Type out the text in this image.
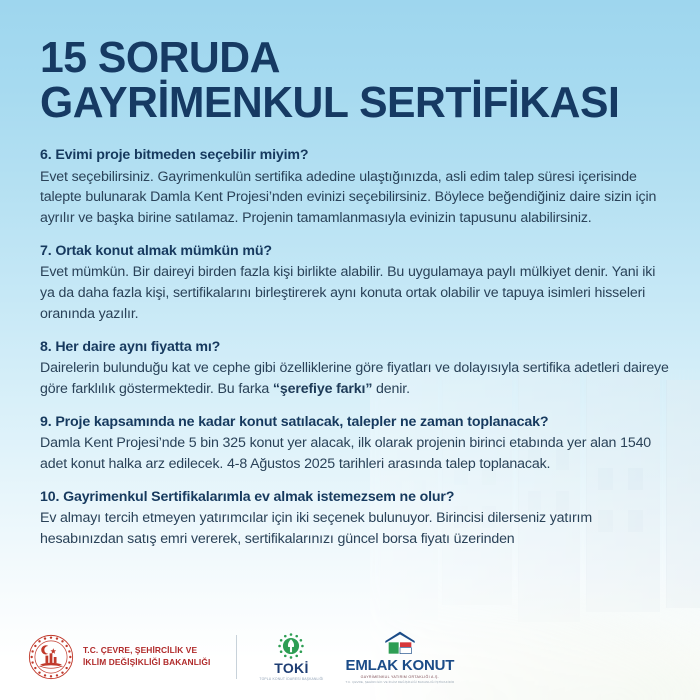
15 SORUDA
GAYRİMENKUL SERTİFİKASI
6. Evimi proje bitmeden seçebilir miyim?
Evet seçebilirsiniz. Gayrimenkulün sertifika adedine ulaştığınızda, asli edim talep süresi içerisinde talepte bulunarak Damla Kent Projesi’nden evinizi seçebilirsiniz. Böylece beğendiğiniz daire sizin için ayrılır ve başka birine satılamaz. Projenin tamamlanmasıyla evinizin tapusunu alabilirsiniz.
7. Ortak konut almak mümkün mü?
Evet mümkün. Bir daireyi birden fazla kişi birlikte alabilir. Bu uygulamaya paylı mülkiyet denir. Yani iki ya da daha fazla kişi, sertifikalarını birleştirerek aynı konuta ortak olabilir ve tapuya isimleri hisseleri oranında yazılır.
8. Her daire aynı fiyatta mı?
Dairelerin bulunduğu kat ve cephe gibi özelliklerine göre fiyatları ve dolayısıyla sertifika adetleri daireye göre farklılık göstermektedir. Bu farka “şerefiye farkı” denir.
9. Proje kapsamında ne kadar konut satılacak, talepler ne zaman toplanacak?
Damla Kent Projesi’nde 5 bin 325 konut yer alacak, ilk olarak projenin birinci etabında yer alan 1540 adet konut halka arz edilecek. 4-8 Ağustos 2025 tarihleri arasında talep toplanacak.
10. Gayrimenkul Sertifikalarımla ev almak istemezsem ne olur?
Ev almayı tercih etmeyen yatırımcılar için iki seçenek bulunuyor. Birincisi dilerseniz yatırım hesabınızdan satış emri vererek, sertifikalarınızı güncel borsa fiyatı üzerinden
T.C. ÇEVRE, ŞEHİRCİLİK VE
İKLİM DEĞİŞİKLİĞİ BAKANLIĞI	TOKİ
TOPLU KONUT İDARESİ BAŞKANLIĞI
EMLAK KONUT
GAYRİMENKUL YATIRIM ORTAKLIĞI A.Ş.
T.C. ÇEVRE, ŞEHİRCİLİK VE İKLİM DEĞİŞİKLİĞİ BAKANLIĞI İŞTİRAKİDİR
